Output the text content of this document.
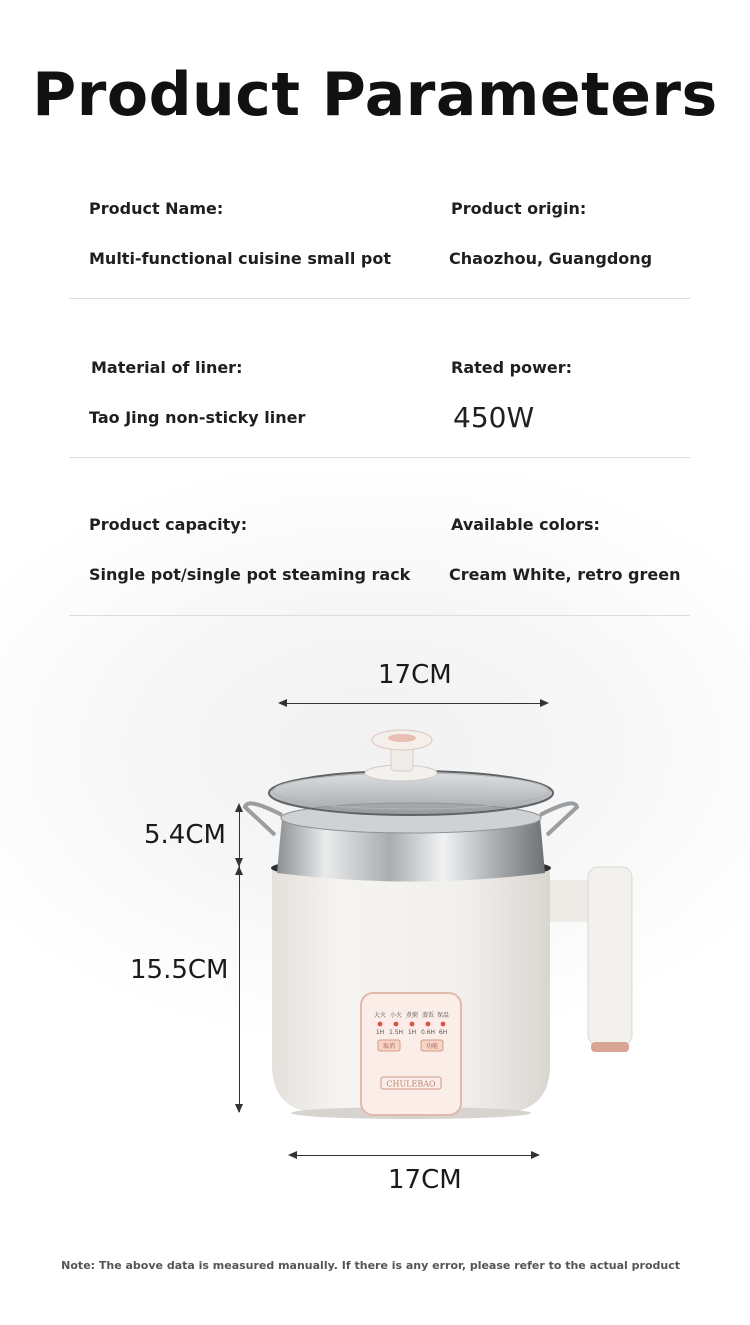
Product Parameters
Product Name:
Multi-functional cuisine small pot
Product origin:
Chaozhou, Guangdong
Material of liner:
Tao Jing non-sticky liner
Rated power:
450W
Product capacity:
Single pot/single pot steaming rack
Available colors:
Cream White, retro green
17CM
5.4CM
15.5CM
17CM
大火 小火 煮粥 蒸饭 保温
1H 1.5H 1H 0.6H 6H
取消	功能
CHULEBAO
Note: The above data is measured manually. If there is any error, please refer to the actual product
